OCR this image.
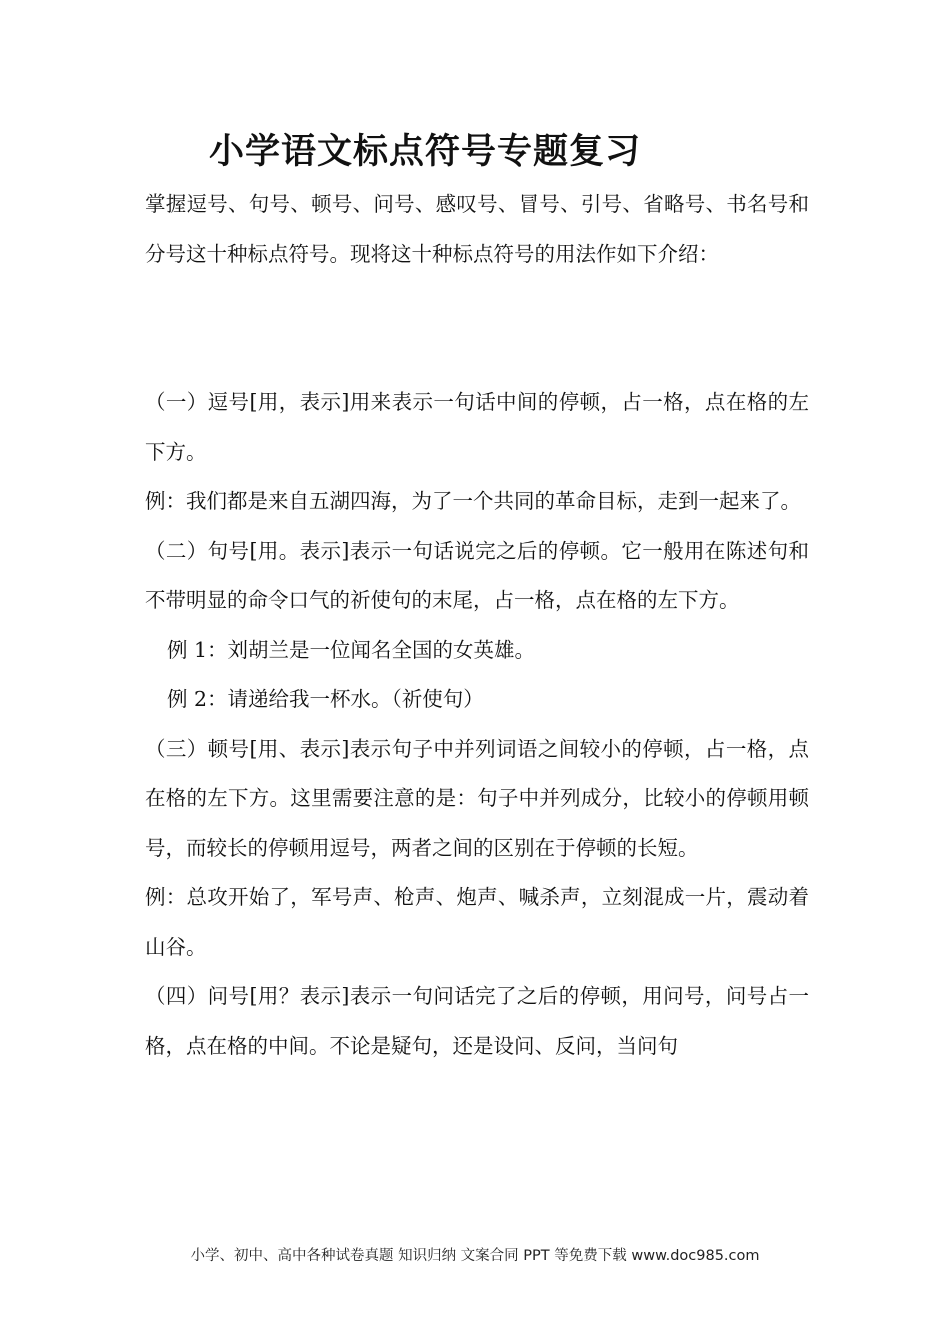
小学语文标点符号专题复习

掌握逗号、句号、顿号、问号、感叹号、冒号、引号、省略号、书名号和分号这十种标点符号。现将这十种标点符号的用法作如下介绍：

（一）逗号[用，表示]用来表示一句话中间的停顿，占一格，点在格的左下方。

例：我们都是来自五湖四海，为了一个共同的革命目标，走到一起来了。

（二）句号[用。表示]表示一句话说完之后的停顿。它一般用在陈述句和不带明显的命令口气的祈使句的末尾，占一格，点在格的左下方。

例 1：刘胡兰是一位闻名全国的女英雄。

例 2：请递给我一杯水。（祈使句）

（三）顿号[用、表示]表示句子中并列词语之间较小的停顿，占一格，点在格的左下方。这里需要注意的是：句子中并列成分，比较小的停顿用顿号，而较长的停顿用逗号，两者之间的区别在于停顿的长短。

例：总攻开始了，军号声、枪声、炮声、喊杀声，立刻混成一片，震动着山谷。

（四）问号[用？表示]表示一句问话完了之后的停顿，用问号，问号占一格，点在格的中间。不论是疑句，还是设问、反问，当问句

小学、初中、高中各种试卷真题 知识归纳 文案合同 PPT 等免费下载 www.doc985.com
